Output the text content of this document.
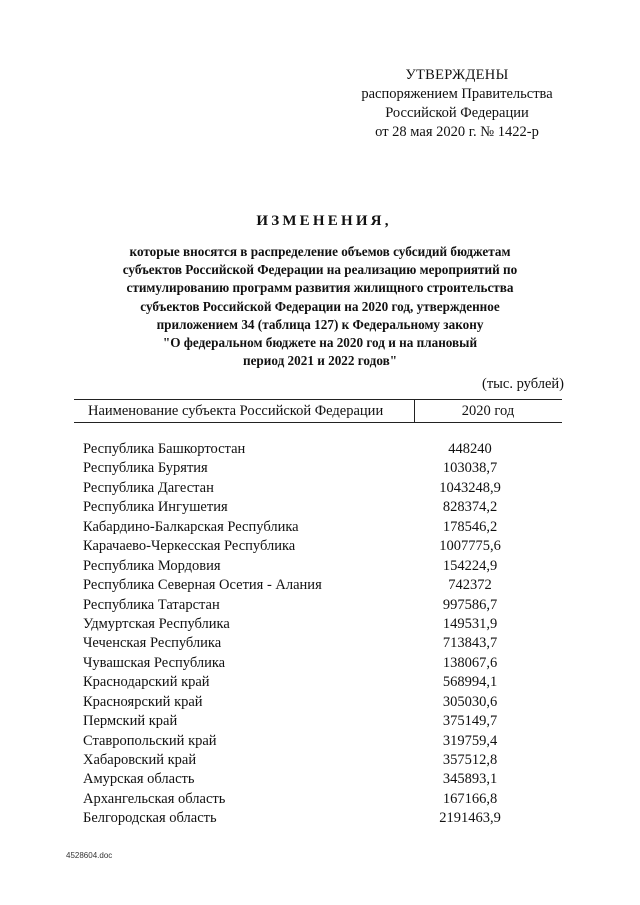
УТВЕРЖДЕНЫ
распоряжением Правительства
Российской Федерации
от 28 мая 2020 г. № 1422-р
ИЗМЕНЕНИЯ,
которые вносятся в распределение объемов субсидий бюджетам
субъектов Российской Федерации на реализацию мероприятий по
стимулированию программ развития жилищного строительства
субъектов Российской Федерации на 2020 год, утвержденное
приложением 34 (таблица 127) к Федеральному закону
"О федеральном бюджете на 2020 год и на плановый
период 2021 и 2022 годов"
(тыс. рублей)
Наименование субъекта Российской Федерации	2020 год
Республика Башкортостан	448240
Республика Бурятия	103038,7
Республика Дагестан	1043248,9
Республика Ингушетия	828374,2
Кабардино-Балкарская Республика	178546,2
Карачаево-Черкесская Республика	1007775,6
Республика Мордовия	154224,9
Республика Северная Осетия - Алания	742372
Республика Татарстан	997586,7
Удмуртская Республика	149531,9
Чеченская Республика	713843,7
Чувашская Республика	138067,6
Краснодарский край	568994,1
Красноярский край	305030,6
Пермский край	375149,7
Ставропольский край	319759,4
Хабаровский край	357512,8
Амурская область	345893,1
Архангельская область	167166,8
Белгородская область	2191463,9
4528604.doc
